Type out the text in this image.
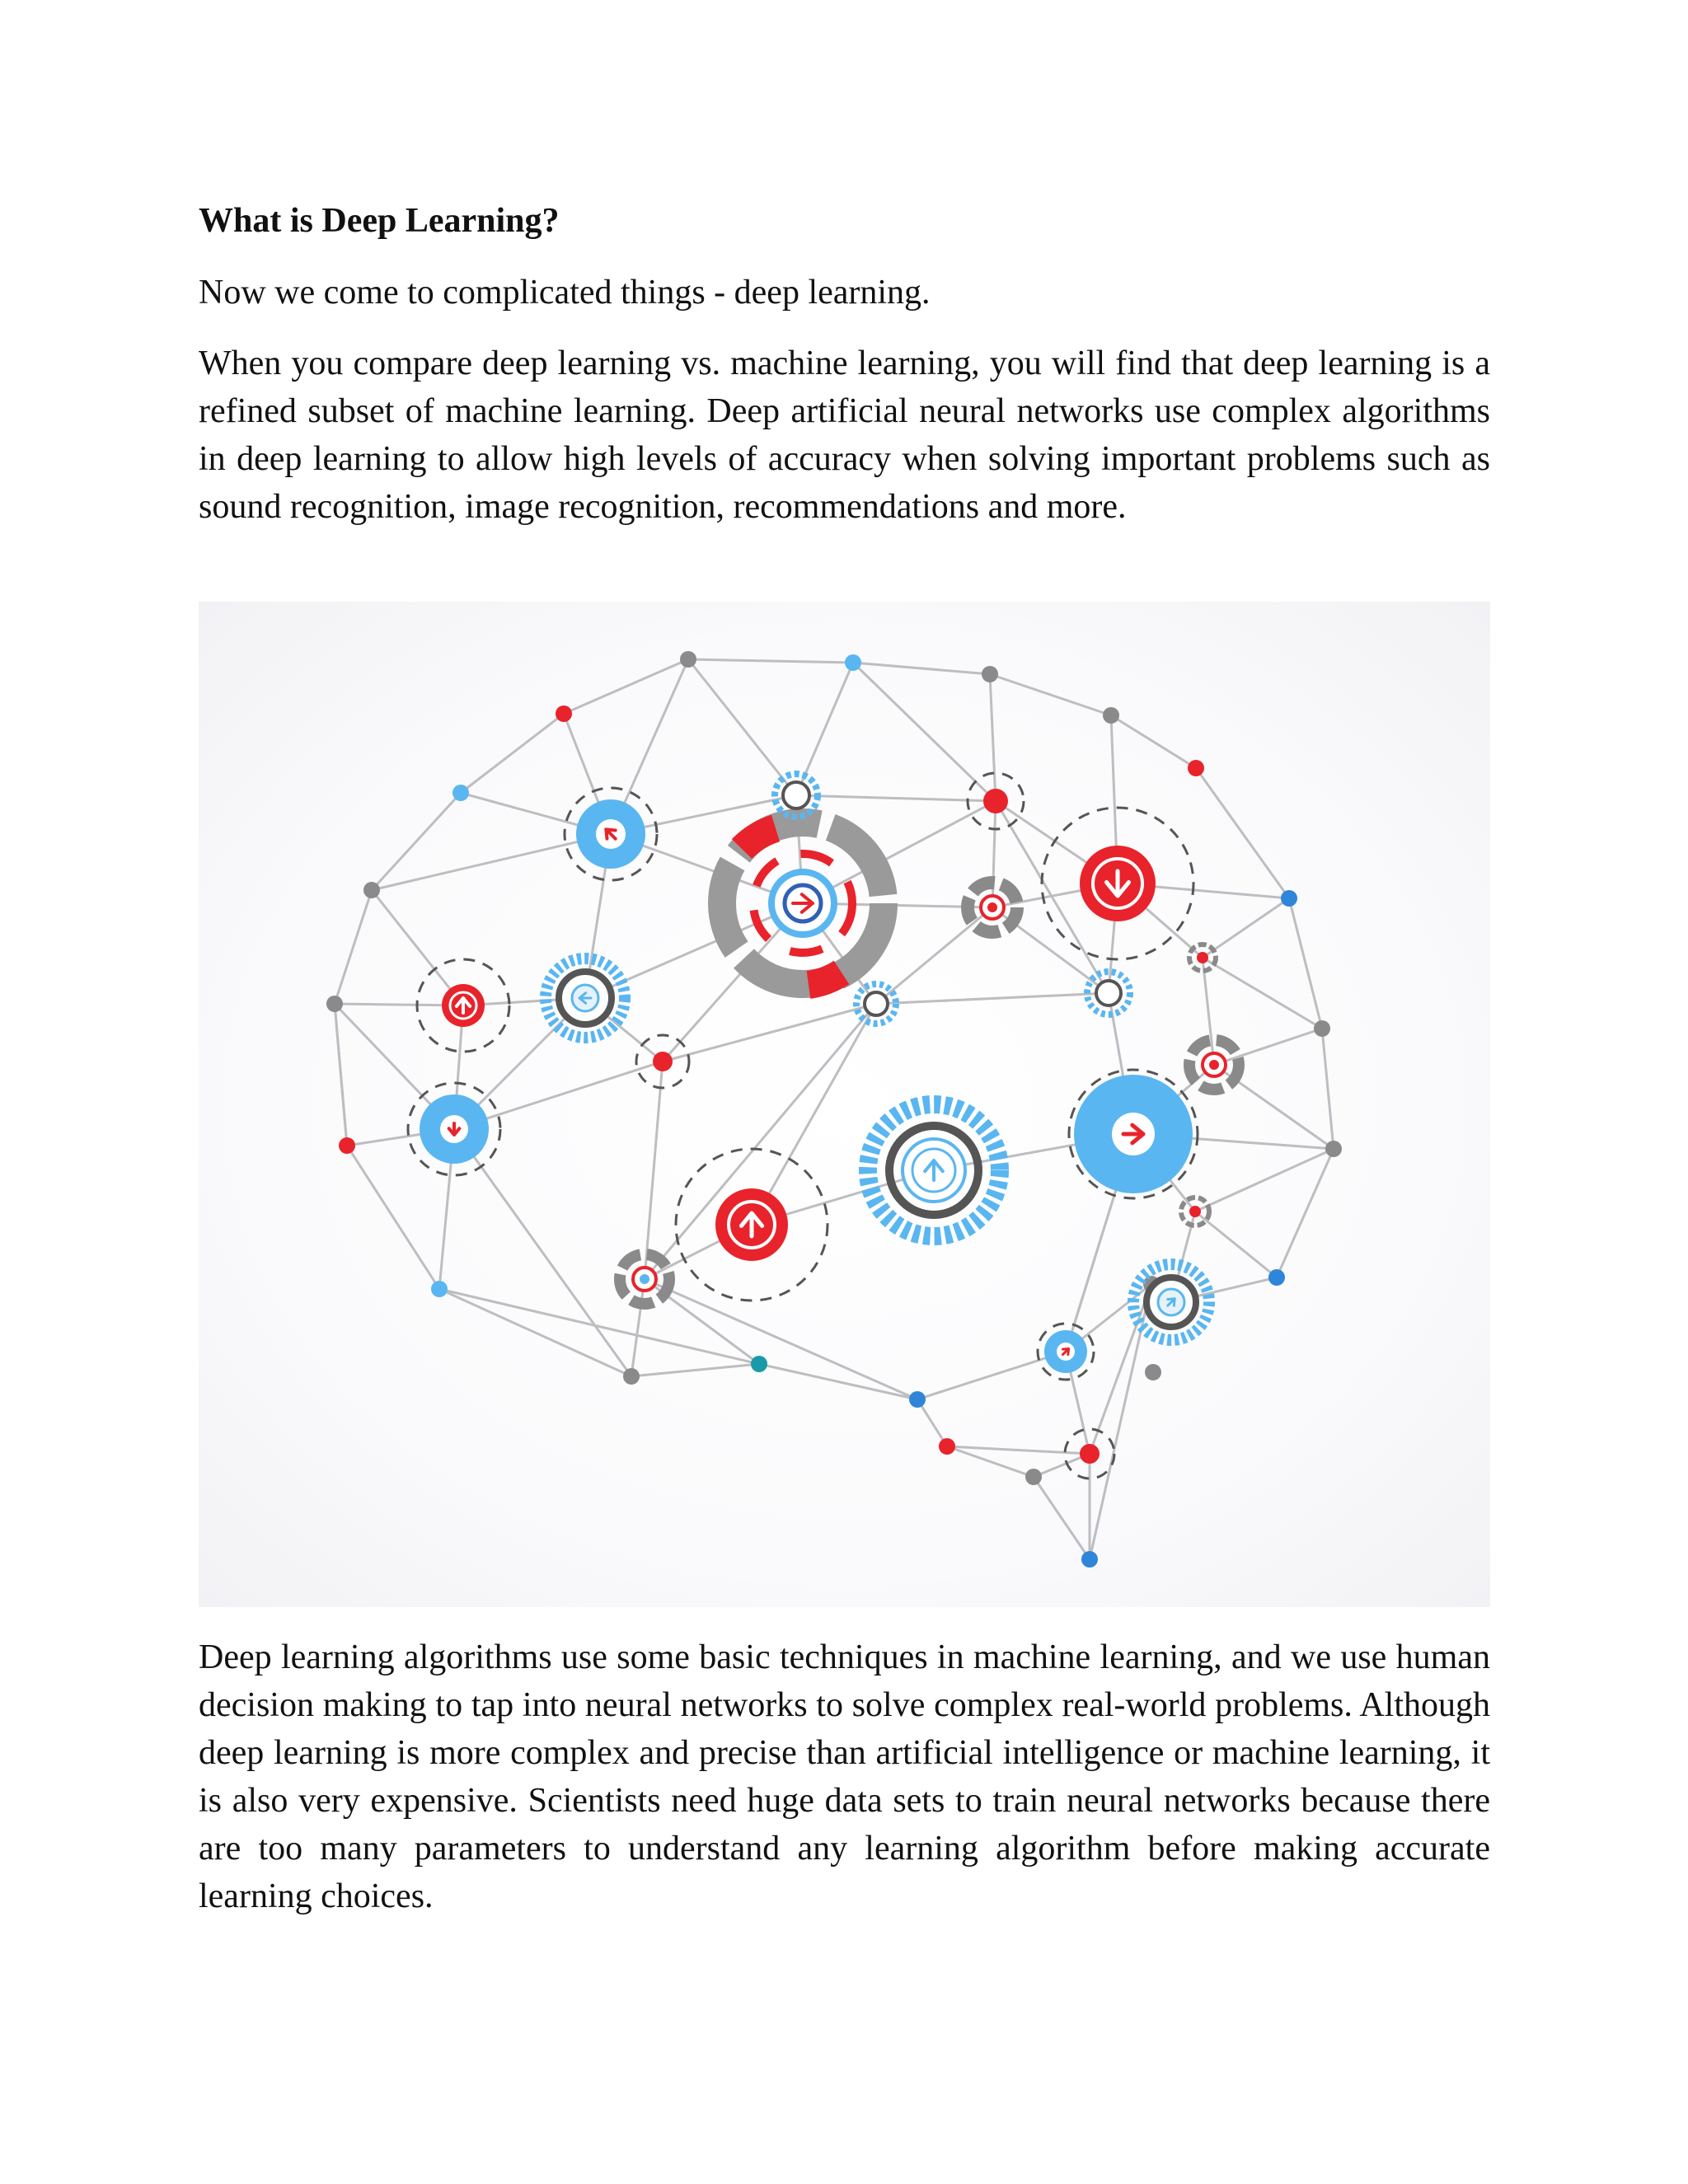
What is Deep Learning?

Now we come to complicated things - deep learning.

When you compare deep learning vs. machine learning, you will find that deep learning is a refined subset of machine learning. Deep artificial neural networks use complex algorithms in deep learning to allow high levels of accuracy when solving important problems such as sound recognition, image recognition, recommendations and more.

Deep learning algorithms use some basic techniques in machine learning, and we use human decision making to tap into neural networks to solve complex real-world problems. Although deep learning is more complex and precise than artificial intelligence or machine learning, it is also very expensive. Scientists need huge data sets to train neural networks because there are too many parameters to understand any learning algorithm before making accurate learning choices.
